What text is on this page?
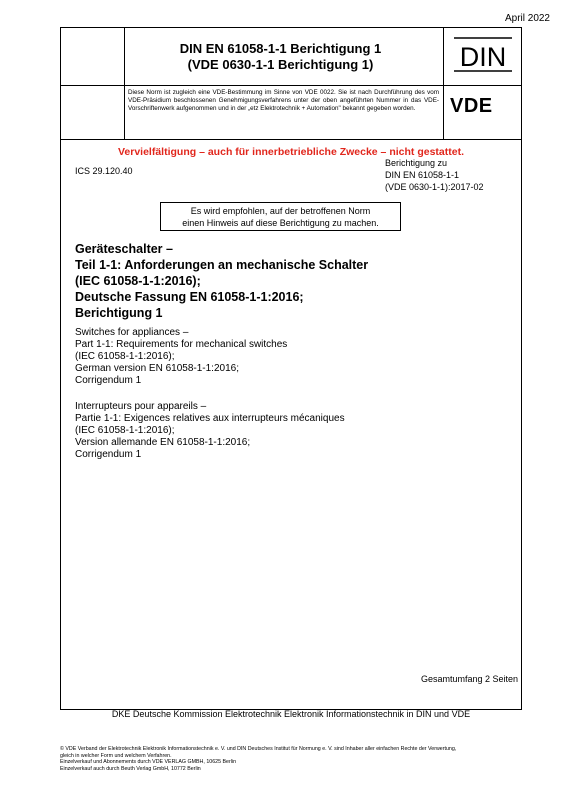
April 2022
DIN EN 61058-1-1 Berichtigung 1
(VDE 0630-1-1 Berichtigung 1)	DIN
Diese Norm ist zugleich eine VDE-Bestimmung im Sinne von VDE 0022. Sie ist nach Durchführung des vom VDE-Präsidium beschlossenen Genehmigungsverfahrens unter der oben angeführten Nummer in das VDE-Vorschriftenwerk aufgenommen und in der „etz Elektrotechnik + Automation" bekannt gegeben worden.	VDE
Vervielfältigung – auch für innerbetriebliche Zwecke – nicht gestattet.
ICS 29.120.40
Berichtigung zu
DIN EN 61058-1-1
(VDE 0630-1-1):2017-02
Es wird empfohlen, auf der betroffenen Norm
einen Hinweis auf diese Berichtigung zu machen.
Geräteschalter –
Teil 1-1: Anforderungen an mechanische Schalter
(IEC 61058-1-1:2016);
Deutsche Fassung EN 61058-1-1:2016;
Berichtigung 1
Switches for appliances –
Part 1-1: Requirements for mechanical switches
(IEC 61058-1-1:2016);
German version EN 61058-1-1:2016;
Corrigendum 1
Interrupteurs pour appareils –
Partie 1-1: Exigences relatives aux interrupteurs mécaniques
(IEC 61058-1-1:2016);
Version allemande EN 61058-1-1:2016;
Corrigendum 1
Gesamtumfang 2 Seiten
DKE Deutsche Kommission Elektrotechnik Elektronik Informationstechnik in DIN und VDE
© VDE Verband der Elektrotechnik Elektronik Informationstechnik e. V. und DIN Deutsches Institut für Normung e. V. sind Inhaber aller einfachen Rechte der Verwertung,
gleich in welcher Form und welchem Verfahren.
Einzelverkauf und Abonnements durch VDE VERLAG GMBH, 10625 Berlin
Einzelverkauf auch durch Beuth Verlag GmbH, 10772 Berlin
